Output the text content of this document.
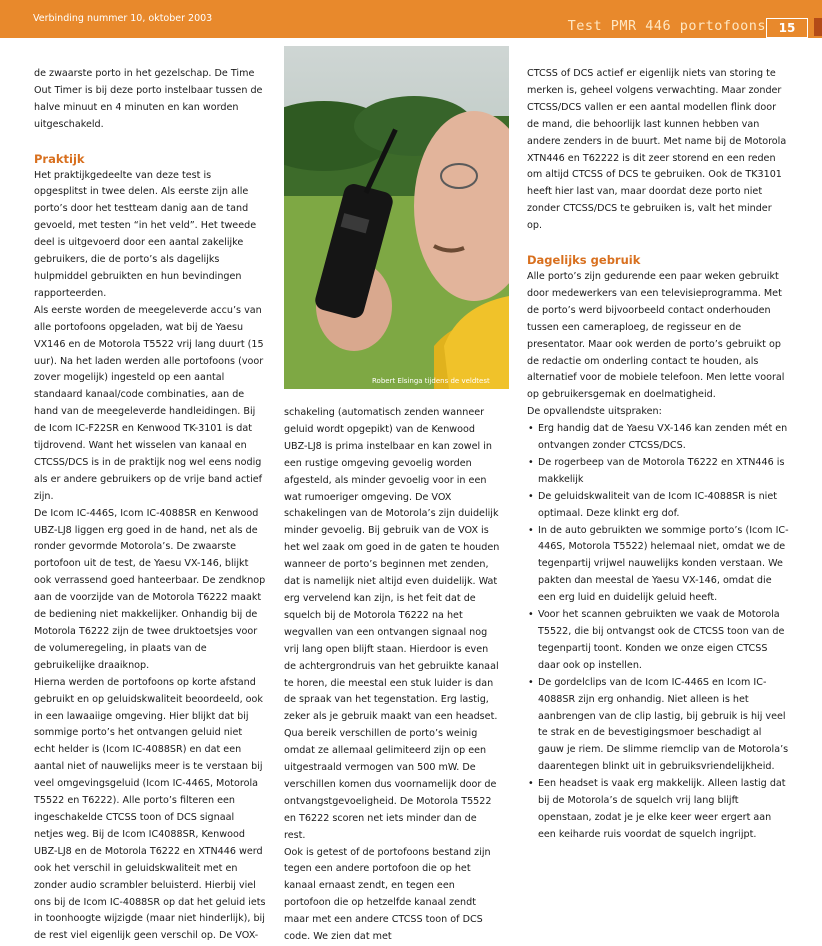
Verbinding nummer 10, oktober 2003	Test PMR 446 portofoons	15
Robert Elsinga tijdens de veldtest

de zwaarste porto in het gezelschap. De Time Out Timer is bij deze porto instelbaar tussen de halve minuut en 4 minuten en kan worden uitgeschakeld.

Praktijk

Het praktijkgedeelte van deze test is opgesplitst in twee delen. Als eerste zijn alle porto’s door het testteam danig aan de tand gevoeld, met testen “in het veld”. Het tweede deel is uitgevoerd door een aantal zakelijke gebruikers, die de porto’s als dagelijks hulpmiddel gebruikten en hun bevindingen rapporteerden.

Als eerste worden de meegeleverde accu’s van alle portofoons opgeladen, wat bij de Yaesu VX146 en de Motorola T5522 vrij lang duurt (15 uur). Na het laden werden alle portofoons (voor zover mogelijk) ingesteld op een aantal standaard kanaal/code combinaties, aan de hand van de meegeleverde handleidingen. Bij de Icom IC-F22SR en Kenwood TK-3101 is dat tijdrovend. Want het wisselen van kanaal en CTCSS/DCS is in de praktijk nog wel eens nodig als er andere gebruikers op de vrije band actief zijn.

De Icom IC-446S, Icom IC-4088SR en Kenwood UBZ-LJ8 liggen erg goed in de hand, net als de ronder gevormde Motorola’s. De zwaarste portofoon uit de test, de Yaesu VX-146, blijkt ook verrassend goed hanteerbaar. De zendknop aan de voorzijde van de Motorola T6222 maakt de bediening niet makkelijker. Onhandig bij de Motorola T6222 zijn de twee druktoetsjes voor de volumeregeling, in plaats van de gebruikelijke draaiknop.

Hierna werden de portofoons op korte afstand gebruikt en op geluidskwaliteit beoordeeld, ook in een lawaaiige omgeving. Hier blijkt dat bij sommige porto’s het ontvangen geluid niet echt helder is (Icom IC-4088SR) en dat een aantal niet of nauwelijks meer is te verstaan bij veel omgevingsgeluid (Icom IC-446S, Motorola T5522 en T6222). Alle porto’s filteren een ingeschakelde CTCSS toon of DCS signaal netjes weg. Bij de Icom IC4088SR, Kenwood UBZ-LJ8 en de Motorola T6222 en XTN446 werd ook het verschil in geluidskwaliteit met en zonder audio scrambler beluisterd. Hierbij viel ons bij de Icom IC-4088SR op dat het geluid iets in toonhoogte wijzigde (maar niet hinderlijk), bij de rest viel eigenlijk geen verschil op. De VOX-

schakeling (automatisch zenden wanneer geluid wordt opgepikt) van de Kenwood UBZ-LJ8 is prima instelbaar en kan zowel in een rustige omgeving gevoelig worden afgesteld, als minder gevoelig voor in een wat rumoeriger omgeving. De VOX schakelingen van de Motorola’s zijn duidelijk minder gevoelig. Bij gebruik van de VOX is het wel zaak om goed in de gaten te houden wanneer de porto’s beginnen met zenden, dat is namelijk niet altijd even duidelijk. Wat erg vervelend kan zijn, is het feit dat de squelch bij de Motorola T6222 na het wegvallen van een ontvangen signaal nog vrij lang open blijft staan. Hierdoor is even de achtergrondruis van het gebruikte kanaal te horen, die meestal een stuk luider is dan de spraak van het tegenstation. Erg lastig, zeker als je gebruik maakt van een headset.

Qua bereik verschillen de porto’s weinig omdat ze allemaal gelimiteerd zijn op een uitgestraald vermogen van 500 mW. De verschillen komen dus voornamelijk door de ontvangstgevoeligheid. De Motorola T5522 en T6222 scoren net iets minder dan de rest.

Ook is getest of de portofoons bestand zijn tegen een andere portofoon die op het kanaal ernaast zendt, en tegen een portofoon die op hetzelfde kanaal zendt maar met een andere CTCSS toon of DCS code. We zien dat met

CTCSS of DCS actief er eigenlijk niets van storing te merken is, geheel volgens verwachting. Maar zonder CTCSS/DCS vallen er een aantal modellen flink door de mand, die behoorlijk last kunnen hebben van andere zenders in de buurt. Met name bij de Motorola XTN446 en T62222 is dit zeer storend en een reden om altijd CTCSS of DCS te gebruiken. Ook de TK3101 heeft hier last van, maar doordat deze porto niet zonder CTCSS/DCS te gebruiken is, valt het minder op.

Dagelijks gebruik

Alle porto’s zijn gedurende een paar weken gebruikt door medewerkers van een televisieprogramma. Met de porto’s werd bijvoorbeeld contact onderhouden tussen een cameraploeg, de regisseur en de presentator. Maar ook werden de porto’s gebruikt op de redactie om onderling contact te houden, als alternatief voor de mobiele telefoon. Men lette vooral op gebruikersgemak en doelmatigheid.

De opvallendste uitspraken:

• Erg handig dat de Yaesu VX-146 kan zenden mét en ontvangen zonder CTCSS/DCS.
• De rogerbeep van de Motorola T6222 en XTN446 is makkelijk
• De geluidskwaliteit van de Icom IC-4088SR is niet optimaal. Deze klinkt erg dof.
• In de auto gebruikten we sommige porto’s (Icom IC-446S, Motorola T5522) helemaal niet, omdat we de tegenpartij vrijwel nauwelijks konden verstaan. We pakten dan meestal de Yaesu VX-146, omdat die een erg luid en duidelijk geluid heeft.
• Voor het scannen gebruikten we vaak de Motorola T5522, die bij ontvangst ook de CTCSS toon van de tegenpartij toont. Konden we onze eigen CTCSS daar ook op instellen.
• De gordelclips van de Icom IC-446S en Icom IC-4088SR zijn erg onhandig. Niet alleen is het aanbrengen van de clip lastig, bij gebruik is hij veel te strak en de bevestigingsmoer beschadigt al gauw je riem. De slimme riemclip van de Motorola’s daarentegen blinkt uit in gebruiksvriendelijkheid.
• Een headset is vaak erg makkelijk. Alleen lastig dat bij de Motorola’s de squelch vrij lang blijft openstaan, zodat je je elke keer weer ergert aan een keiharde ruis voordat de squelch ingrijpt.
